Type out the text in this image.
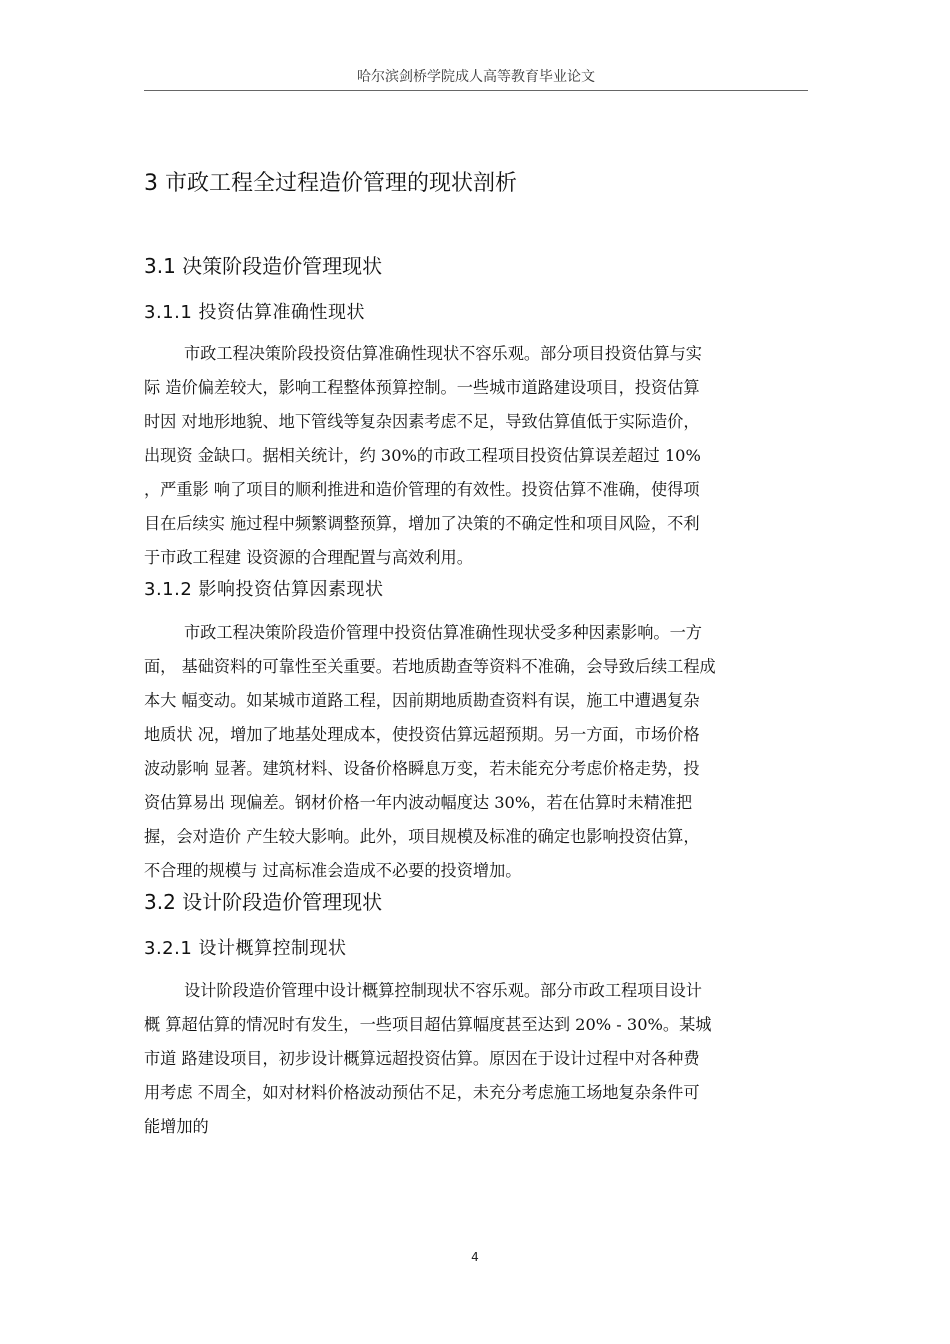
哈尔滨剑桥学院成人高等教育毕业论文
3 市政工程全过程造价管理的现状剖析
3.1 决策阶段造价管理现状
3.1.1 投资估算准确性现状
市政工程决策阶段投资估算准确性现状不容乐观。部分项目投资估算与实
际 造价偏差较大，影响工程整体预算控制。一些城市道路建设项目，投资估算
时因 对地形地貌、地下管线等复杂因素考虑不足，导致估算值低于实际造价，
出现资 金缺口。据相关统计，约 30%的市政工程项目投资估算误差超过 10%
，严重影 响了项目的顺利推进和造价管理的有效性。投资估算不准确，使得项
目在后续实 施过程中频繁调整预算，增加了决策的不确定性和项目风险，不利
于市政工程建 设资源的合理配置与高效利用。
3.1.2 影响投资估算因素现状
市政工程决策阶段造价管理中投资估算准确性现状受多种因素影响。一方
面， 基础资料的可靠性至关重要。若地质勘查等资料不准确，会导致后续工程成
本大 幅变动。如某城市道路工程，因前期地质勘查资料有误，施工中遭遇复杂
地质状 况，增加了地基处理成本，使投资估算远超预期。另一方面，市场价格
波动影响 显著。建筑材料、设备价格瞬息万变，若未能充分考虑价格走势，投
资估算易出 现偏差。钢材价格一年内波动幅度达 30%，若在估算时未精准把
握，会对造价 产生较大影响。此外，项目规模及标准的确定也影响投资估算，
不合理的规模与 过高标准会造成不必要的投资增加。
3.2 设计阶段造价管理现状
3.2.1 设计概算控制现状
设计阶段造价管理中设计概算控制现状不容乐观。部分市政工程项目设计
概 算超估算的情况时有发生，一些项目超估算幅度甚至达到 20% - 30%。某城
市道 路建设项目，初步设计概算远超投资估算。原因在于设计过程中对各种费
用考虑 不周全，如对材料价格波动预估不足，未充分考虑施工场地复杂条件可
能增加的
4
